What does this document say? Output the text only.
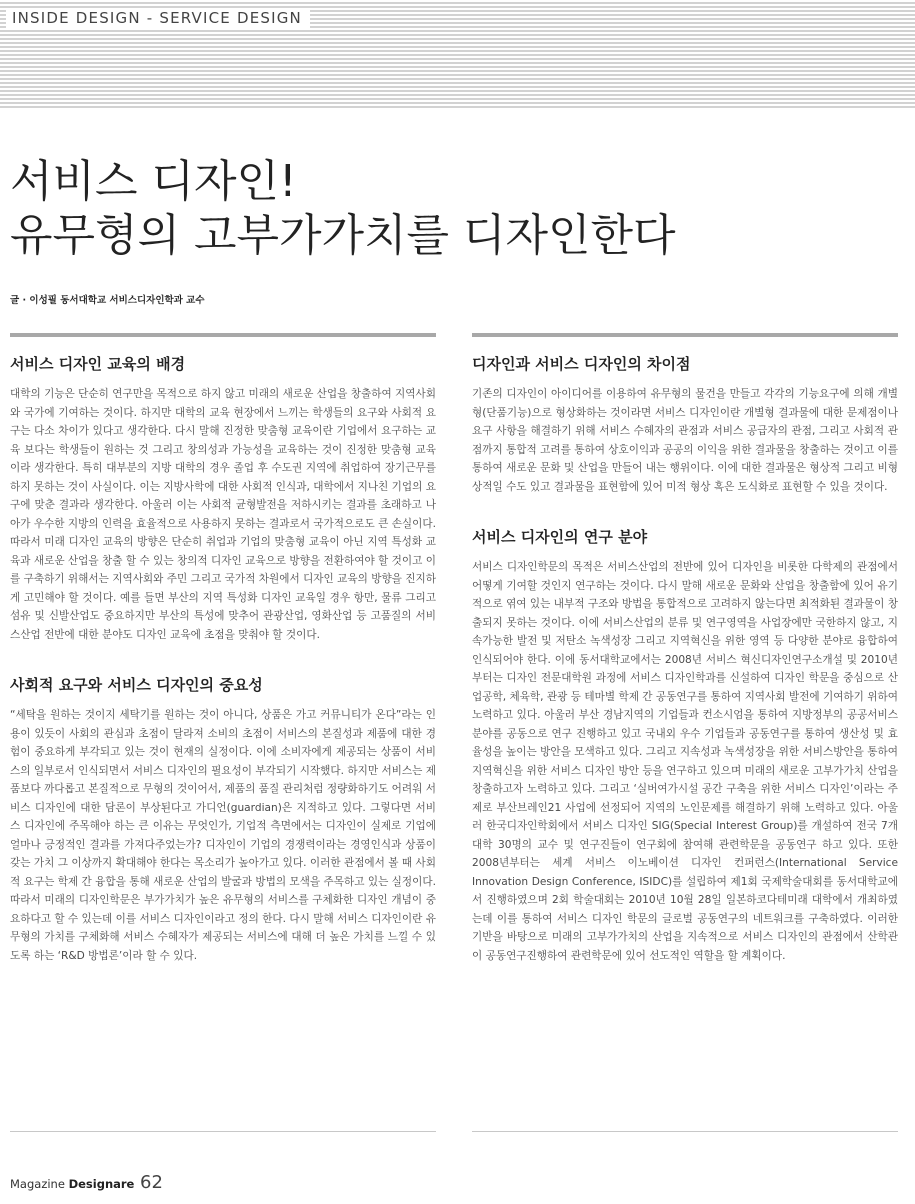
INSIDE DESIGN - SERVICE DESIGN

서비스 디자인!
유무형의 고부가가치를 디자인한다

글 · 이성필 동서대학교 서비스디자인학과 교수

서비스 디자인 교육의 배경

대학의 기능은 단순히 연구만을 목적으로 하지 않고 미래의 새로운 산업을 창출하여 지역사회와 국가에 기여하는 것이다. 하지만 대학의 교육 현장에서 느끼는 학생들의 요구와 사회적 요구는 다소 차이가 있다고 생각한다. 다시 말해 진정한 맞춤형 교육이란 기업에서 요구하는 교육 보다는 학생들이 원하는 것 그리고 창의성과 가능성을 교육하는 것이 진정한 맞춤형 교육이라 생각한다. 특히 대부분의 지방 대학의 경우 졸업 후 수도권 지역에 취업하여 장기근무를 하지 못하는 것이 사실이다. 이는 지방사학에 대한 사회적 인식과, 대학에서 지나친 기업의 요구에 맞춘 결과라 생각한다. 아울러 이는 사회적 균형발전을 저하시키는 결과를 초래하고 나아가 우수한 지방의 인력을 효율적으로 사용하지 못하는 결과로서 국가적으로도 큰 손실이다. 따라서 미래 디자인 교육의 방향은 단순히 취업과 기업의 맞춤형 교육이 아닌 지역 특성화 교육과 새로운 산업을 창출 할 수 있는 창의적 디자인 교육으로 방향을 전환하여야 할 것이고 이를 구축하기 위해서는 지역사회와 주민 그리고 국가적 차원에서 디자인 교육의 방향을 진지하게 고민해야 할 것이다. 예를 들면 부산의 지역 특성화 디자인 교육일 경우 항만, 물류 그리고 섬유 및 신발산업도 중요하지만 부산의 특성에 맞추어 관광산업, 영화산업 등 고품질의 서비스산업 전반에 대한 분야도 디자인 교육에 초점을 맞춰야 할 것이다.

사회적 요구와 서비스 디자인의 중요성

“세탁을 원하는 것이지 세탁기를 원하는 것이 아니다, 상품은 가고 커뮤니티가 온다”라는 인용이 있듯이 사회의 관심과 초점이 달라져 소비의 초점이 서비스의 본질성과 제품에 대한 경험이 중요하게 부각되고 있는 것이 현재의 실정이다. 이에 소비자에게 제공되는 상품이 서비스의 일부로서 인식되면서 서비스 디자인의 필요성이 부각되기 시작했다. 하지만 서비스는 제품보다 까다롭고 본질적으로 무형의 것이어서, 제품의 품질 관리처럼 정량화하기도 어려워 서비스 디자인에 대한 담론이 부상된다고 가디언(guardian)은 지적하고 있다. 그렇다면 서비스 디자인에 주목해야 하는 큰 이유는 무엇인가, 기업적 측면에서는 디자인이 실제로 기업에 얼마나 긍정적인 결과를 가져다주었는가? 디자인이 기업의 경쟁력이라는 경영인식과 상품이 갖는 가치 그 이상까지 확대해야 한다는 목소리가 높아가고 있다. 이러한 관점에서 볼 때 사회적 요구는 학제 간 융합을 통해 새로운 산업의 발굴과 방법의 모색을 주목하고 있는 실정이다. 따라서 미래의 디자인학문은 부가가치가 높은 유무형의 서비스를 구체화한 디자인 개념이 중요하다고 할 수 있는데 이를 서비스 디자인이라고 정의 한다. 다시 말해 서비스 디자인이란 유무형의 가치를 구체화해 서비스 수혜자가 제공되는 서비스에 대해 더 높은 가치를 느낄 수 있도록 하는 ‘R&D 방법론’이라 할 수 있다.

디자인과 서비스 디자인의 차이점

기존의 디자인이 아이디어를 이용하여 유무형의 물건을 만들고 각각의 기능요구에 의해 개별형(단품기능)으로 형상화하는 것이라면 서비스 디자인이란 개별형 결과물에 대한 문제점이나 요구 사항을 해결하기 위해 서비스 수혜자의 관점과 서비스 공급자의 관점, 그리고 사회적 관점까지 통합적 고려를 통하여 상호이익과 공공의 이익을 위한 결과물을 창출하는 것이고 이를 통하여 새로운 문화 및 산업을 만들어 내는 행위이다. 이에 대한 결과물은 형상적 그리고 비형상적일 수도 있고 결과물을 표현함에 있어 미적 형상 혹은 도식화로 표현할 수 있을 것이다.

서비스 디자인의 연구 분야

서비스 디자인학문의 목적은 서비스산업의 전반에 있어 디자인을 비롯한 다학제의 관점에서 어떻게 기여할 것인지 연구하는 것이다. 다시 말해 새로운 문화와 산업을 창출함에 있어 유기적으로 엮여 있는 내부적 구조와 방법을 통합적으로 고려하지 않는다면 최적화된 결과물이 창출되지 못하는 것이다. 이에 서비스산업의 분류 및 연구영역을 사업장에만 국한하지 않고, 지속가능한 발전 및 저탄소 녹색성장 그리고 지역혁신을 위한 영역 등 다양한 분야로 융합하여 인식되어야 한다. 이에 동서대학교에서는 2008년 서비스 혁신디자인연구소개설 및 2010년부터는 디자인 전문대학원 과정에 서비스 디자인학과를 신설하여 디자인 학문을 중심으로 산업공학, 체육학, 관광 등 테마별 학제 간 공동연구를 통하여 지역사회 발전에 기여하기 위하여 노력하고 있다. 아울러 부산 경남지역의 기업들과 컨소시엄을 통하여 지방정부의 공공서비스분야를 공동으로 연구 진행하고 있고 국내외 우수 기업들과 공동연구를 통하여 생산성 및 효율성을 높이는 방안을 모색하고 있다. 그리고 지속성과 녹색성장을 위한 서비스방안을 통하여 지역혁신을 위한 서비스 디자인 방안 등을 연구하고 있으며 미래의 새로운 고부가가치 산업을 창출하고자 노력하고 있다. 그리고 ‘실버여가시설 공간 구축을 위한 서비스 디자인’이라는 주제로 부산브레인21 사업에 선정되어 지역의 노인문제를 해결하기 위해 노력하고 있다. 아울러 한국디자인학회에서 서비스 디자인 SIG(Special Interest Group)를 개설하여 전국 7개 대학 30명의 교수 및 연구진들이 연구회에 참여해 관련학문을 공동연구 하고 있다. 또한 2008년부터는 세계 서비스 이노베이션 디자인 컨퍼런스(International Service Innovation Design Conference, ISIDC)를 설립하여 제1회 국제학술대회를 동서대학교에서 진행하였으며 2회 학술대회는 2010년 10월 28일 일본하코다테미래 대학에서 개최하였는데 이를 통하여 서비스 디자인 학문의 글로벌 공동연구의 네트워크를 구축하였다. 이러한 기반을 바탕으로 미래의 고부가가치의 산업을 지속적으로 서비스 디자인의 관점에서 산학관이 공동연구진행하여 관련학문에 있어 선도적인 역할을 할 계획이다.

Magazine Designare 62
